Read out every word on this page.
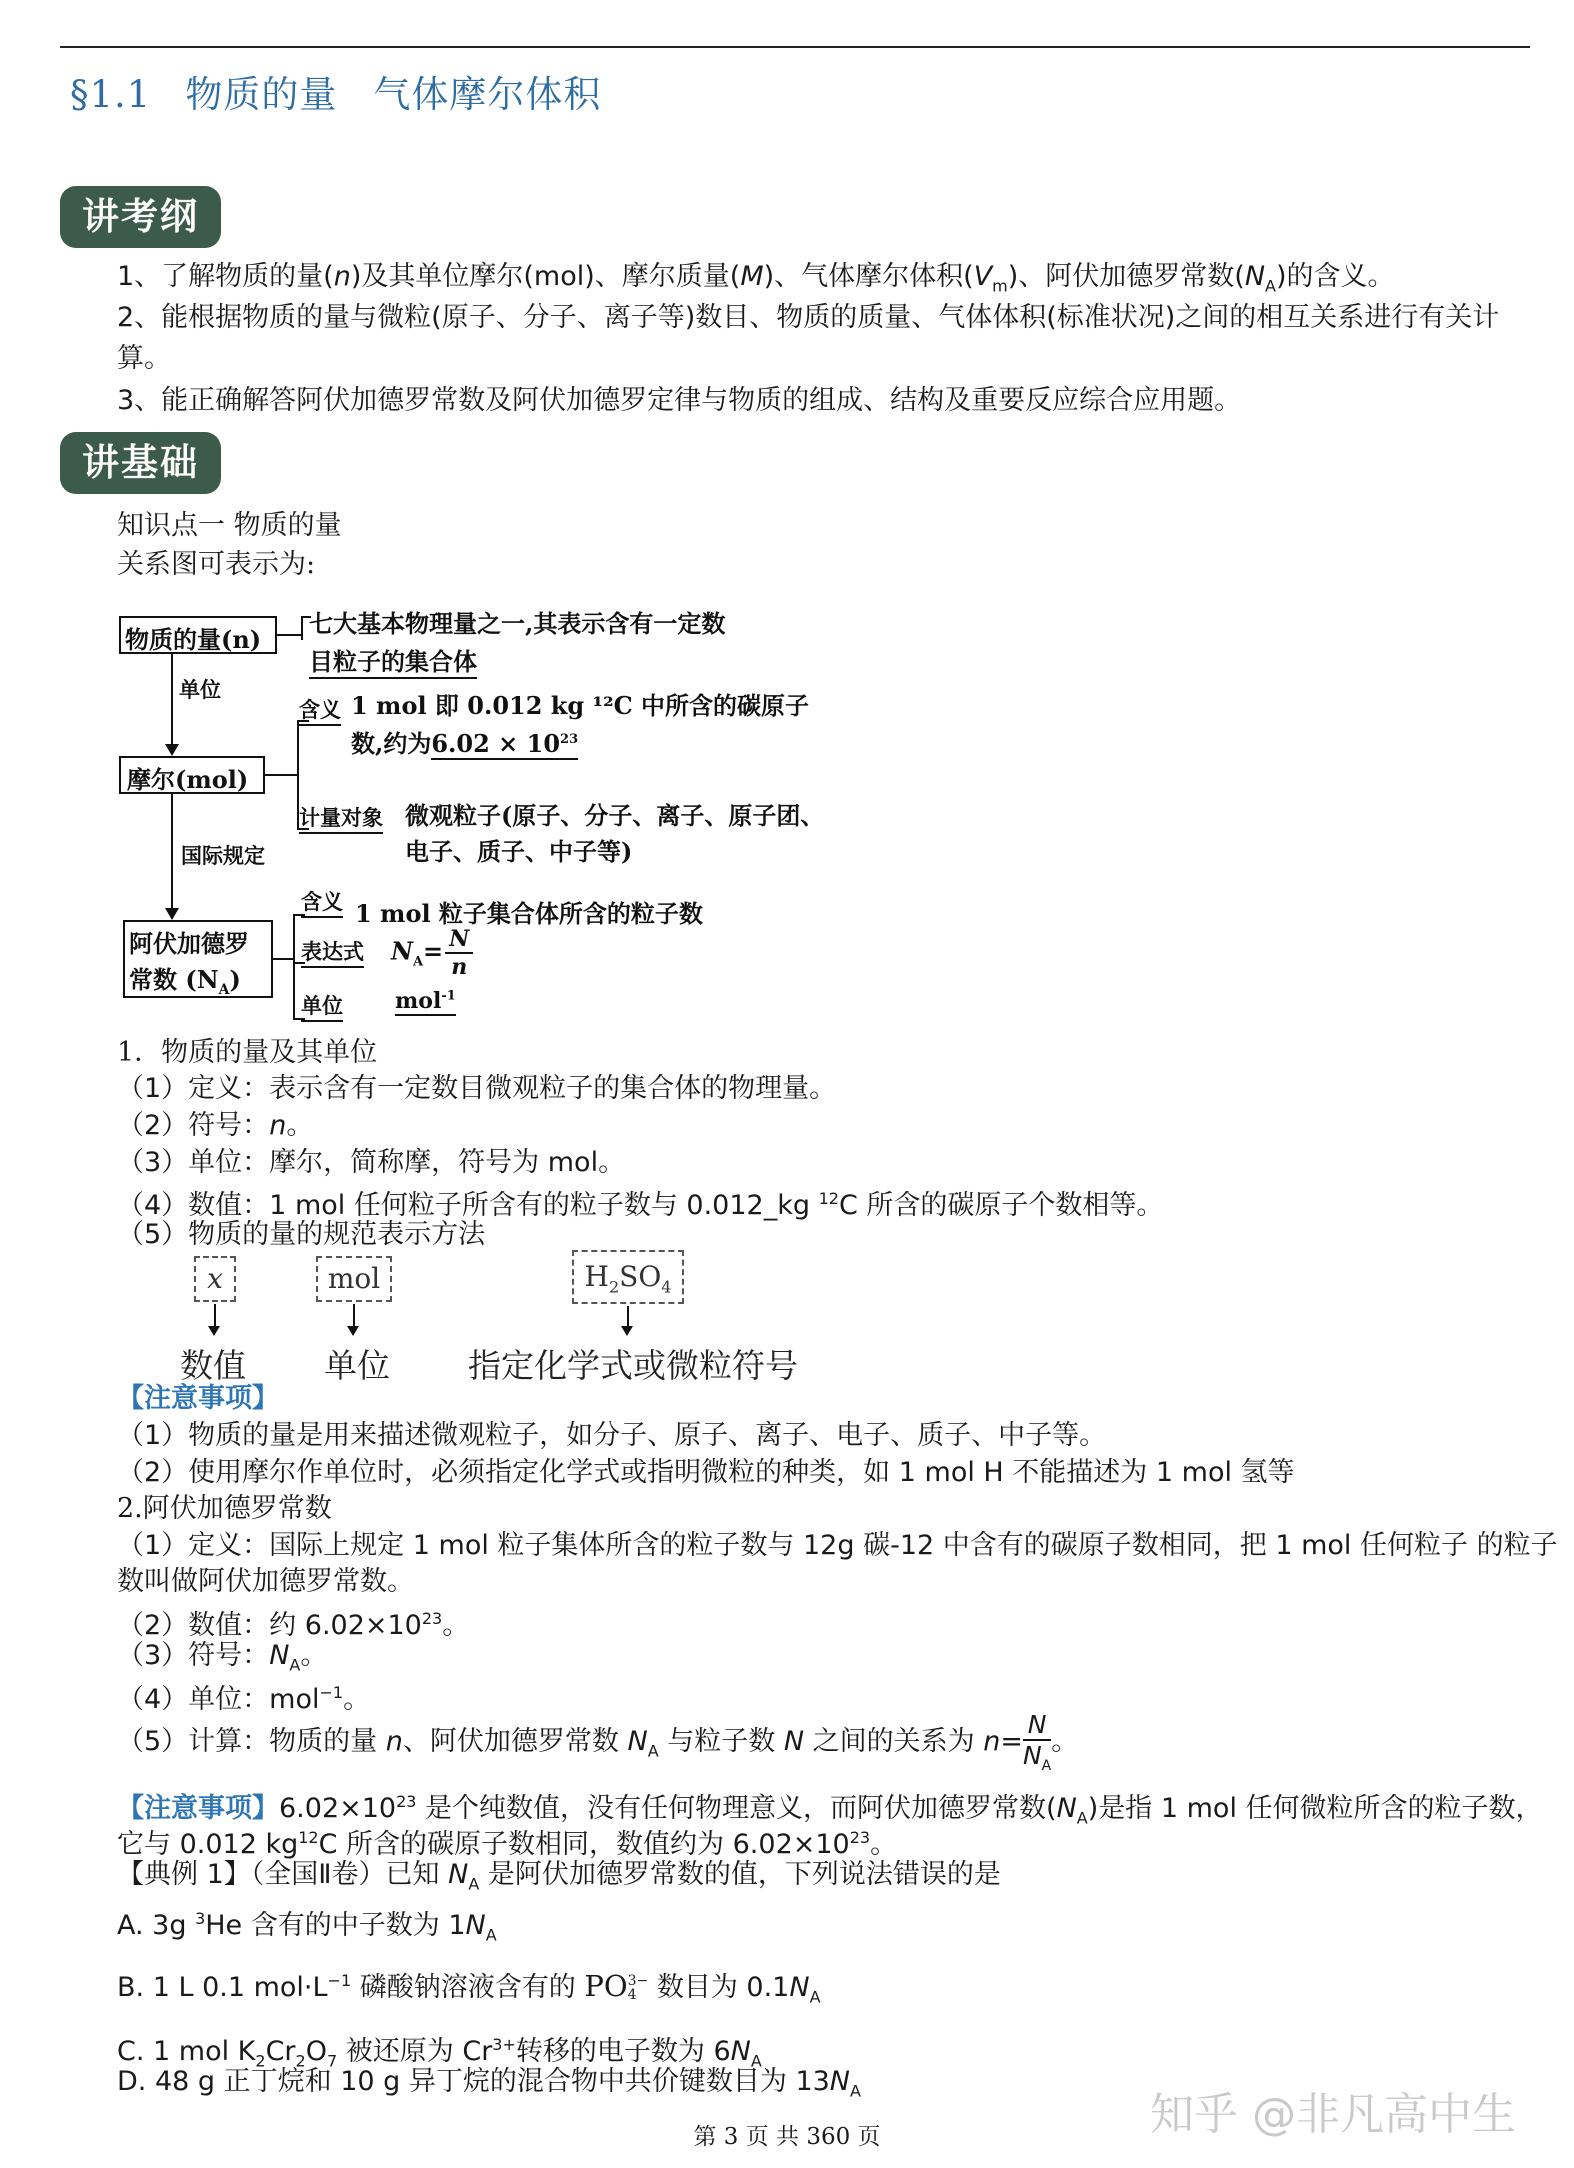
§1.1 物质的量 气体摩尔体积
讲考纲
1、了解物质的量(n)及其单位摩尔(mol)、摩尔质量(M)、气体摩尔体积$(V_m)$、阿伏加德罗常数$(N_A)$的含义。
2、能根据物质的量与微粒(原子、分子、离子等)数目、物质的质量、气体体积(标准状况)之间的相互关系进行有关计
算。
3、能正确解答阿伏加德罗常数及阿伏加德罗定律与物质的组成、结构及重要反应综合应用题。
讲基础
知识点一 物质的量
关系图可表示为:
物质的量(n)
七大基本物理量之一,其表示含有一定数
目粒子的集合体
单位
摩尔(mol)
含义 1 mol 即 0.012 kg ¹²C 中所含的碳原子
数,约为$6.02 \times 10^{23}$
计量对象 微观粒子(原子、分子、离子、原子团、
电子、质子、中子等)
国际规定
阿伏加德罗
常数 $(N_A)$
含义 1 mol 粒子集合体所含的粒子数
表达式 $N_A= \frac{N}{n}$
单位 mol$^{-1}$
1．物质的量及其单位
（1）定义：表示含有一定数目微观粒子的集合体的物理量。
（2）符号：n。
（3）单位：摩尔，简称摩，符号为 mol。
（4）数值：1 mol 任何粒子所含有的粒子数与 0.012_kg $^{12}$C 所含的碳原子个数相等。
（5）物质的量的规范表示方法
x	mol	$H_2SO_4$
数值 单位 指定化学式或微粒符号
【注意事项】
（1）物质的量是用来描述微观粒子，如分子、原子、离子、电子、质子、中子等。
（2）使用摩尔作单位时，必须指定化学式或指明微粒的种类，如 1 mol H 不能描述为 1 mol 氢等
2.阿伏加德罗常数
（1）定义：国际上规定 1 mol 粒子集体所含的粒子数与 12g 碳-12 中含有的碳原子数相同，把 1 mol 任何粒子 的粒子
数叫做阿伏加德罗常数。
（2）数值：约 $6.02\times 10^{23}$。
（3）符号：$N_A$。
（4）单位：mol$^{-1}$。
（5）计算：物质的量 n、阿伏加德罗常数 $N_A$ 与粒子数 N 之间的关系为 $n= \frac{N}{N_A}$ 。
【注意事项】$6.02\times 10^{23}$ 是个纯数值，没有任何物理意义，而阿伏加德罗常数$(N_A)$是指 1 mol 任何微粒所含的粒子数，
它与 0.012 $kg^{12}C$ 所含的碳原子数相同，数值约为 $6.02\times 10^{23}$。
【典例 1】（全国Ⅱ卷）已知 $N_A$ 是阿伏加德罗常数的值，下列说法错误的是
A. 3g $^3$He 含有的中子数为 $1N_A$
B. 1 L 0.1 $mol\cdot L^{-1}$ 磷酸钠溶液含有的 PO 3−
4 数目为 $0.1N_A$
C. 1 mol $K_2Cr_2O_7$ 被还原为 $Cr^{3+}$转移的电子数为 $6N_A$
D. 48 g 正丁烷和 10 g 异丁烷的混合物中共价键数目为 $13N_A$	知乎 @非凡高中生
第 3 页 共 360 页
